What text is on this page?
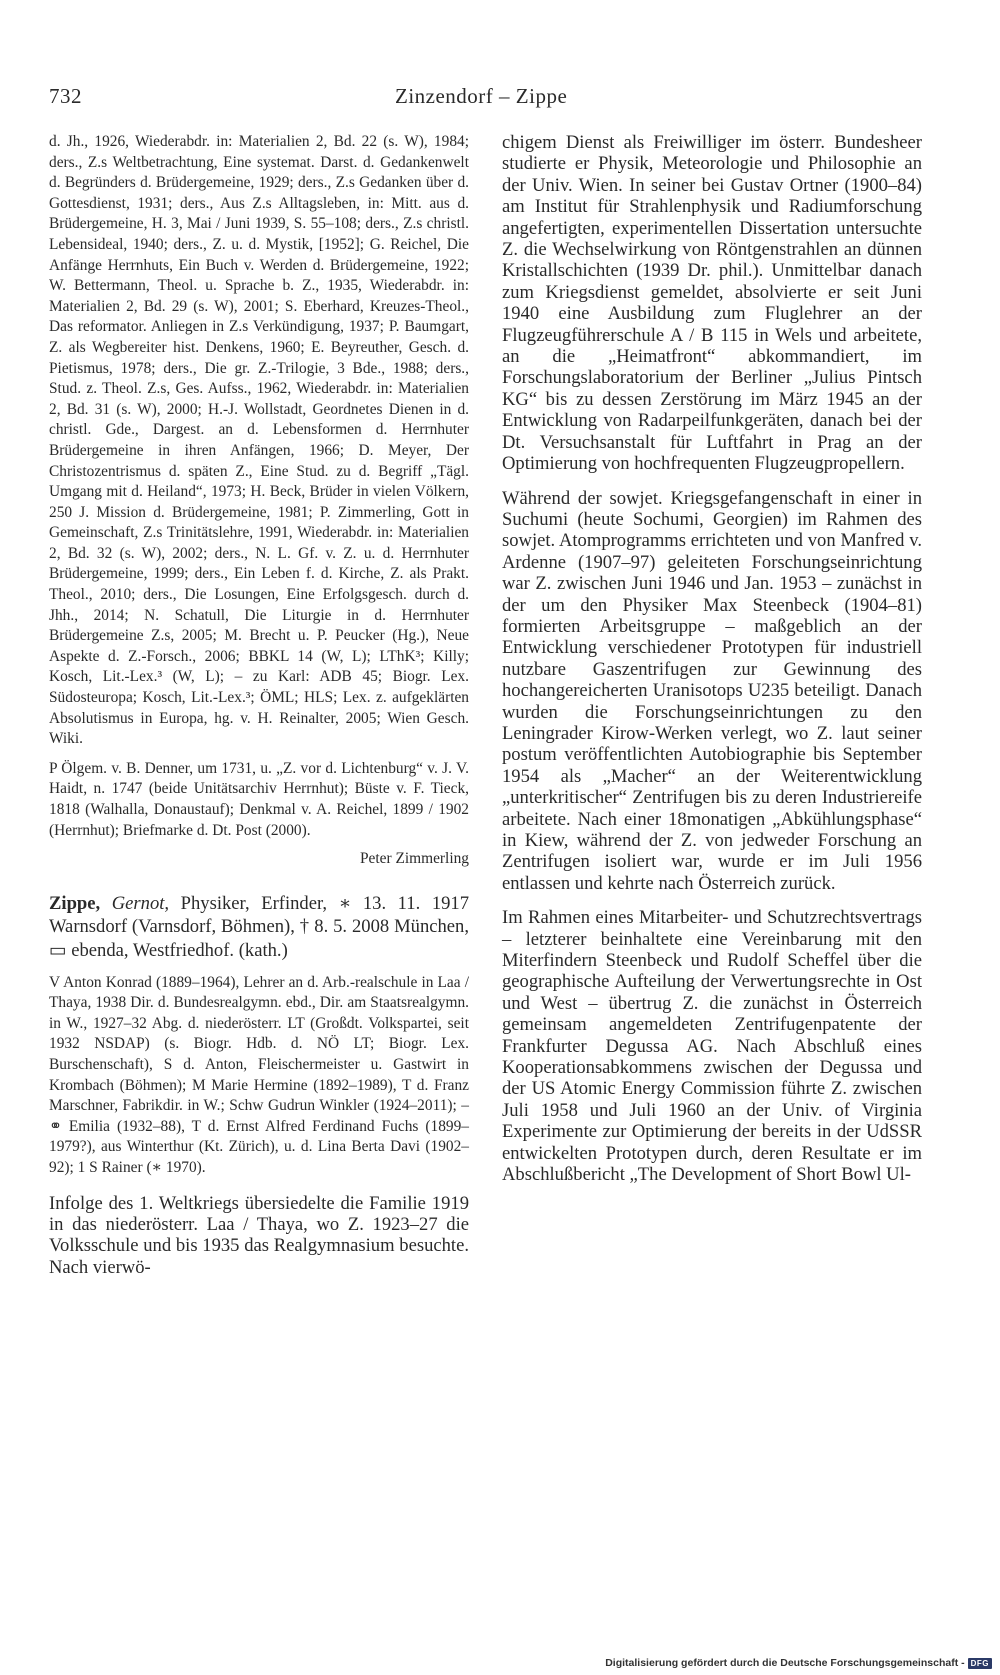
732	Zinzendorf – Zippe

d. Jh., 1926, Wiederabdr. in: Materialien 2, Bd. 22 (s. W), 1984; ders., Z.s Weltbetrachtung, Eine systemat. Darst. d. Gedankenwelt d. Begründers d. Brüdergemeine, 1929; ders., Z.s Gedanken über d. Gottesdienst, 1931; ders., Aus Z.s Alltagsleben, in: Mitt. aus d. Brüdergemeine, H. 3, Mai / Juni 1939, S. 55–108; ders., Z.s christl. Lebensideal, 1940; ders., Z. u. d. Mystik, [1952]; G. Reichel, Die Anfänge Herrnhuts, Ein Buch v. Werden d. Brüdergemeine, 1922; W. Bettermann, Theol. u. Sprache b. Z., 1935, Wiederabdr. in: Materialien 2, Bd. 29 (s. W), 2001; S. Eberhard, Kreuzes-Theol., Das reformator. Anliegen in Z.s Verkündigung, 1937; P. Baumgart, Z. als Wegbereiter hist. Denkens, 1960; E. Beyreuther, Gesch. d. Pietismus, 1978; ders., Die gr. Z.-Trilogie, 3 Bde., 1988; ders., Stud. z. Theol. Z.s, Ges. Aufss., 1962, Wiederabdr. in: Materialien 2, Bd. 31 (s. W), 2000; H.-J. Wollstadt, Geordnetes Dienen in d. christl. Gde., Dargest. an d. Lebensformen d. Herrnhuter Brüdergemeine in ihren Anfängen, 1966; D. Meyer, Der Christozentrismus d. späten Z., Eine Stud. zu d. Begriff „Tägl. Umgang mit d. Heiland“, 1973; H. Beck, Brüder in vielen Völkern, 250 J. Mission d. Brüdergemeine, 1981; P. Zimmerling, Gott in Gemeinschaft, Z.s Trinitätslehre, 1991, Wiederabdr. in: Materialien 2, Bd. 32 (s. W), 2002; ders., N. L. Gf. v. Z. u. d. Herrnhuter Brüdergemeine, 1999; ders., Ein Leben f. d. Kirche, Z. als Prakt. Theol., 2010; ders., Die Losungen, Eine Erfolgsgesch. durch d. Jhh., 2014; N. Schatull, Die Liturgie in d. Herrnhuter Brüdergemeine Z.s, 2005; M. Brecht u. P. Peucker (Hg.), Neue Aspekte d. Z.-Forsch., 2006; BBKL 14 (W, L); LThK³; Killy; Kosch, Lit.-Lex.³ (W, L); – zu Karl: ADB 45; Biogr. Lex. Südosteuropa; Kosch, Lit.-Lex.³; ÖML; HLS; Lex. z. aufgeklärten Absolutismus in Europa, hg. v. H. Reinalter, 2005; Wien Gesch. Wiki.

P Ölgem. v. B. Denner, um 1731, u. „Z. vor d. Lichtenburg“ v. J. V. Haidt, n. 1747 (beide Unitätsarchiv Herrnhut); Büste v. F. Tieck, 1818 (Walhalla, Donaustauf); Denkmal v. A. Reichel, 1899 / 1902 (Herrnhut); Briefmarke d. Dt. Post (2000).

Peter Zimmerling

Zippe, Gernot, Physiker, Erfinder, ∗ 13. 11. 1917 Warnsdorf (Varnsdorf, Böhmen), † 8. 5. 2008 München, ▭ ebenda, Westfriedhof. (kath.)

V Anton Konrad (1889–1964), Lehrer an d. Arb.-realschule in Laa / Thaya, 1938 Dir. d. Bundesrealgymn. ebd., Dir. am Staatsrealgymn. in W., 1927–32 Abg. d. niederösterr. LT (Großdt. Volkspartei, seit 1932 NSDAP) (s. Biogr. Hdb. d. NÖ LT; Biogr. Lex. Burschenschaft), S d. Anton, Fleischermeister u. Gastwirt in Krombach (Böhmen); M Marie Hermine (1892–1989), T d. Franz Marschner, Fabrikdir. in W.; Schw Gudrun Winkler (1924–2011); – ⚭ Emilia (1932–88), T d. Ernst Alfred Ferdinand Fuchs (1899–1979?), aus Winterthur (Kt. Zürich), u. d. Lina Berta Davi (1902–92); 1 S Rainer (∗ 1970).

Infolge des 1. Weltkriegs übersiedelte die Familie 1919 in das niederösterr. Laa / Thaya, wo Z. 1923–27 die Volksschule und bis 1935 das Realgymnasium besuchte. Nach vierwö-

chigem Dienst als Freiwilliger im österr. Bundesheer studierte er Physik, Meteorologie und Philosophie an der Univ. Wien. In seiner bei Gustav Ortner (1900–84) am Institut für Strahlenphysik und Radiumforschung angefertigten, experimentellen Dissertation untersuchte Z. die Wechselwirkung von Röntgenstrahlen an dünnen Kristallschichten (1939 Dr. phil.). Unmittelbar danach zum Kriegsdienst gemeldet, absolvierte er seit Juni 1940 eine Ausbildung zum Fluglehrer an der Flugzeugführerschule A / B 115 in Wels und arbeitete, an die „Heimatfront“ abkommandiert, im Forschungslaboratorium der Berliner „Julius Pintsch KG“ bis zu dessen Zerstörung im März 1945 an der Entwicklung von Radarpeilfunkgeräten, danach bei der Dt. Versuchsanstalt für Luftfahrt in Prag an der Optimierung von hochfrequenten Flugzeugpropellern.

Während der sowjet. Kriegsgefangenschaft in einer in Suchumi (heute Sochumi, Georgien) im Rahmen des sowjet. Atomprogramms errichteten und von Manfred v. Ardenne (1907–97) geleiteten Forschungseinrichtung war Z. zwischen Juni 1946 und Jan. 1953 – zunächst in der um den Physiker Max Steenbeck (1904–81) formierten Arbeitsgruppe – maßgeblich an der Entwicklung verschiedener Prototypen für industriell nutzbare Gaszentrifugen zur Gewinnung des hochangereicherten Uranisotops U235 beteiligt. Danach wurden die Forschungseinrichtungen zu den Leningrader Kirow-Werken verlegt, wo Z. laut seiner postum veröffentlichten Autobiographie bis September 1954 als „Macher“ an der Weiterentwicklung „unterkritischer“ Zentrifugen bis zu deren Industriereife arbeitete. Nach einer 18monatigen „Abkühlungsphase“ in Kiew, während der Z. von jedweder Forschung an Zentrifugen isoliert war, wurde er im Juli 1956 entlassen und kehrte nach Österreich zurück.

Im Rahmen eines Mitarbeiter- und Schutzrechtsvertrags – letzterer beinhaltete eine Vereinbarung mit den Miterfindern Steenbeck und Rudolf Scheffel über die geographische Aufteilung der Verwertungsrechte in Ost und West – übertrug Z. die zunächst in Österreich gemeinsam angemeldeten Zentrifugenpatente der Frankfurter Degussa AG. Nach Abschluß eines Kooperationsabkommens zwischen der Degussa und der US Atomic Energy Commission führte Z. zwischen Juli 1958 und Juli 1960 an der Univ. of Virginia Experimente zur Optimierung der bereits in der UdSSR entwickelten Prototypen durch, deren Resultate er im Abschlußbericht „The Development of Short Bowl Ul-

Digitalisierung gefördert durch die Deutsche Forschungsgemeinschaft - DFG
